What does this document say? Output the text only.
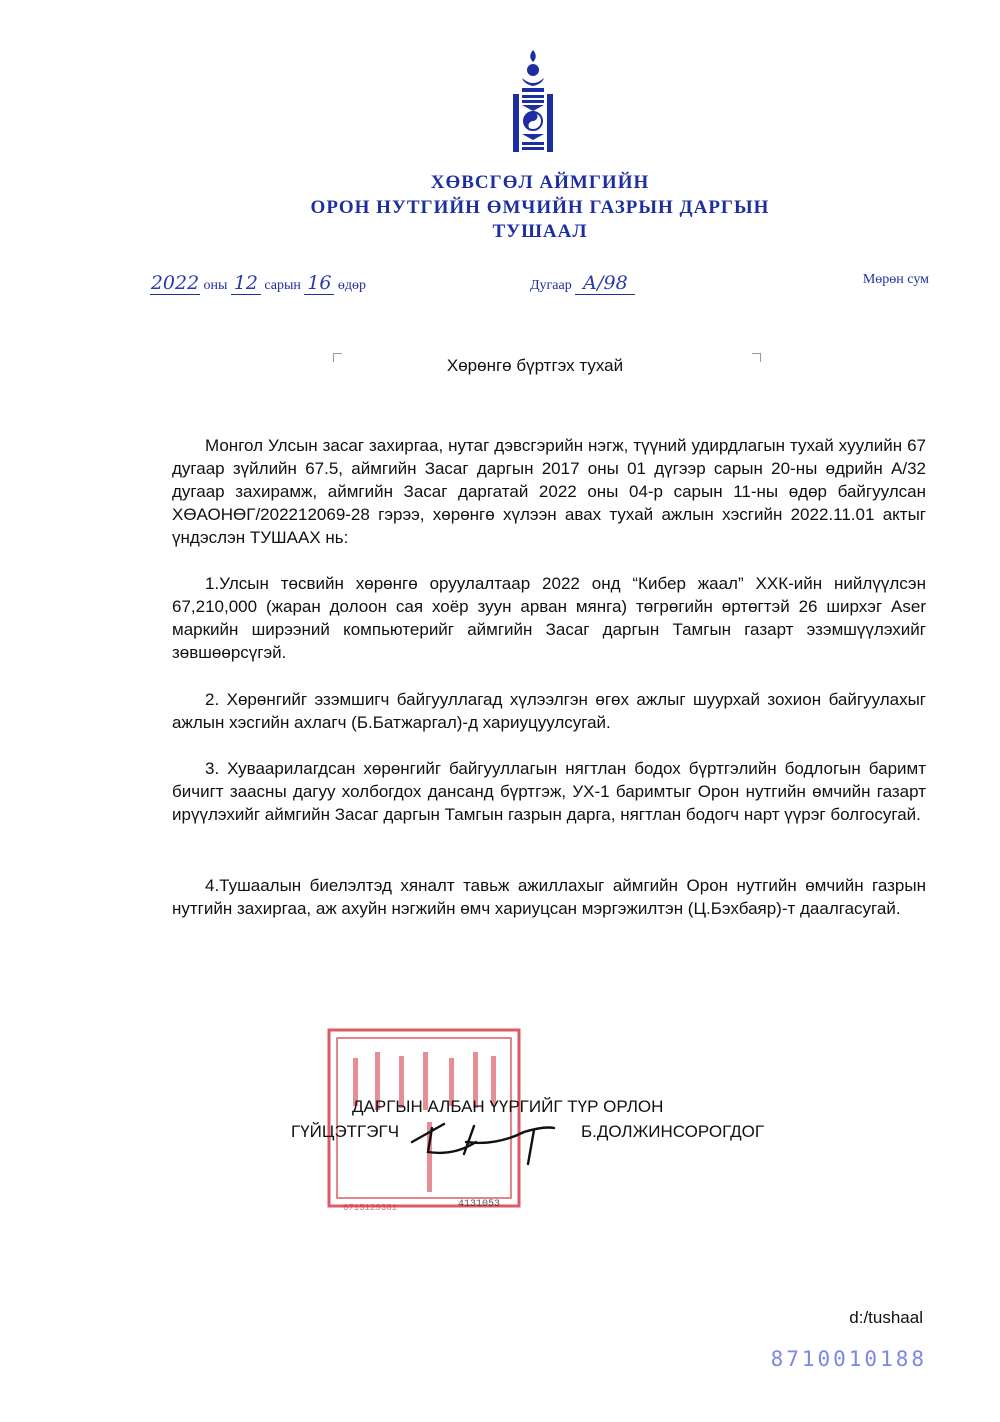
ХӨВСГӨЛ АЙМГИЙН
ОРОН НУТГИЙН ӨМЧИЙН ГАЗРЫН ДАРГЫН
ТУШААЛ
2022 оны 12 сарын 16 өдөр	Дугаар А/98	Мөрөн сум
Хөрөнгө бүртгэх тухай

Монгол Улсын засаг захиргаа, нутаг дэвсгэрийн нэгж, түүний удирдлагын тухай хуулийн 67 дугаар зүйлийн 67.5, аймгийн Засаг даргын 2017 оны 01 дүгээр сарын 20-ны өдрийн А/32 дугаар захирамж, аймгийн Засаг даргатай 2022 оны 04-р сарын 11-ны өдөр байгуулсан ХӨАОНӨГ/202212069-28 гэрээ, хөрөнгө хүлээн авах тухай ажлын хэсгийн 2022.11.01 актыг үндэслэн ТУШААХ нь:

1.Улсын төсвийн хөрөнгө оруулалтаар 2022 онд “Кибер жаал” ХХК-ийн нийлүүлсэн 67,210,000 (жаран долоон сая хоёр зуун арван мянга) төгрөгийн өртөгтэй 26 ширхэг Aser маркийн ширээний компьютерийг аймгийн Засаг даргын Тамгын газарт эзэмшүүлэхийг зөвшөөрсүгэй.

2. Хөрөнгийг эзэмшигч байгууллагад хүлээлгэн өгөх ажлыг шуурхай зохион байгуулахыг ажлын хэсгийн ахлагч (Б.Батжаргал)-д хариуцуулсугай.

3. Хуваарилагдсан хөрөнгийг байгууллагын нягтлан бодох бүртгэлийн бодлогын баримт бичигт заасны дагуу холбогдох дансанд бүртгэж, УХ-1 баримтыг Орон нутгийн өмчийн газарт ирүүлэхийг аймгийн Засаг даргын Тамгын газрын дарга, нягтлан бодогч нарт үүрэг болгосугай.

4.Тушаалын биелэлтэд хяналт тавьж ажиллахыг аймгийн Орон нутгийн өмчийн газрын нутгийн захиргаа, аж ахуйн нэгжийн өмч хариуцсан мэргэжилтэн (Ц.Бэхбаяр)-т даалгасугай.

6715129381	4131053
ДАРГЫН АЛБАН ҮҮРГИЙГ ТҮР ОРЛОН
ГҮЙЦЭТГЭГЧ	Б.ДОЛЖИНСОРОГДОГ
d:/tushaal
8710010188
